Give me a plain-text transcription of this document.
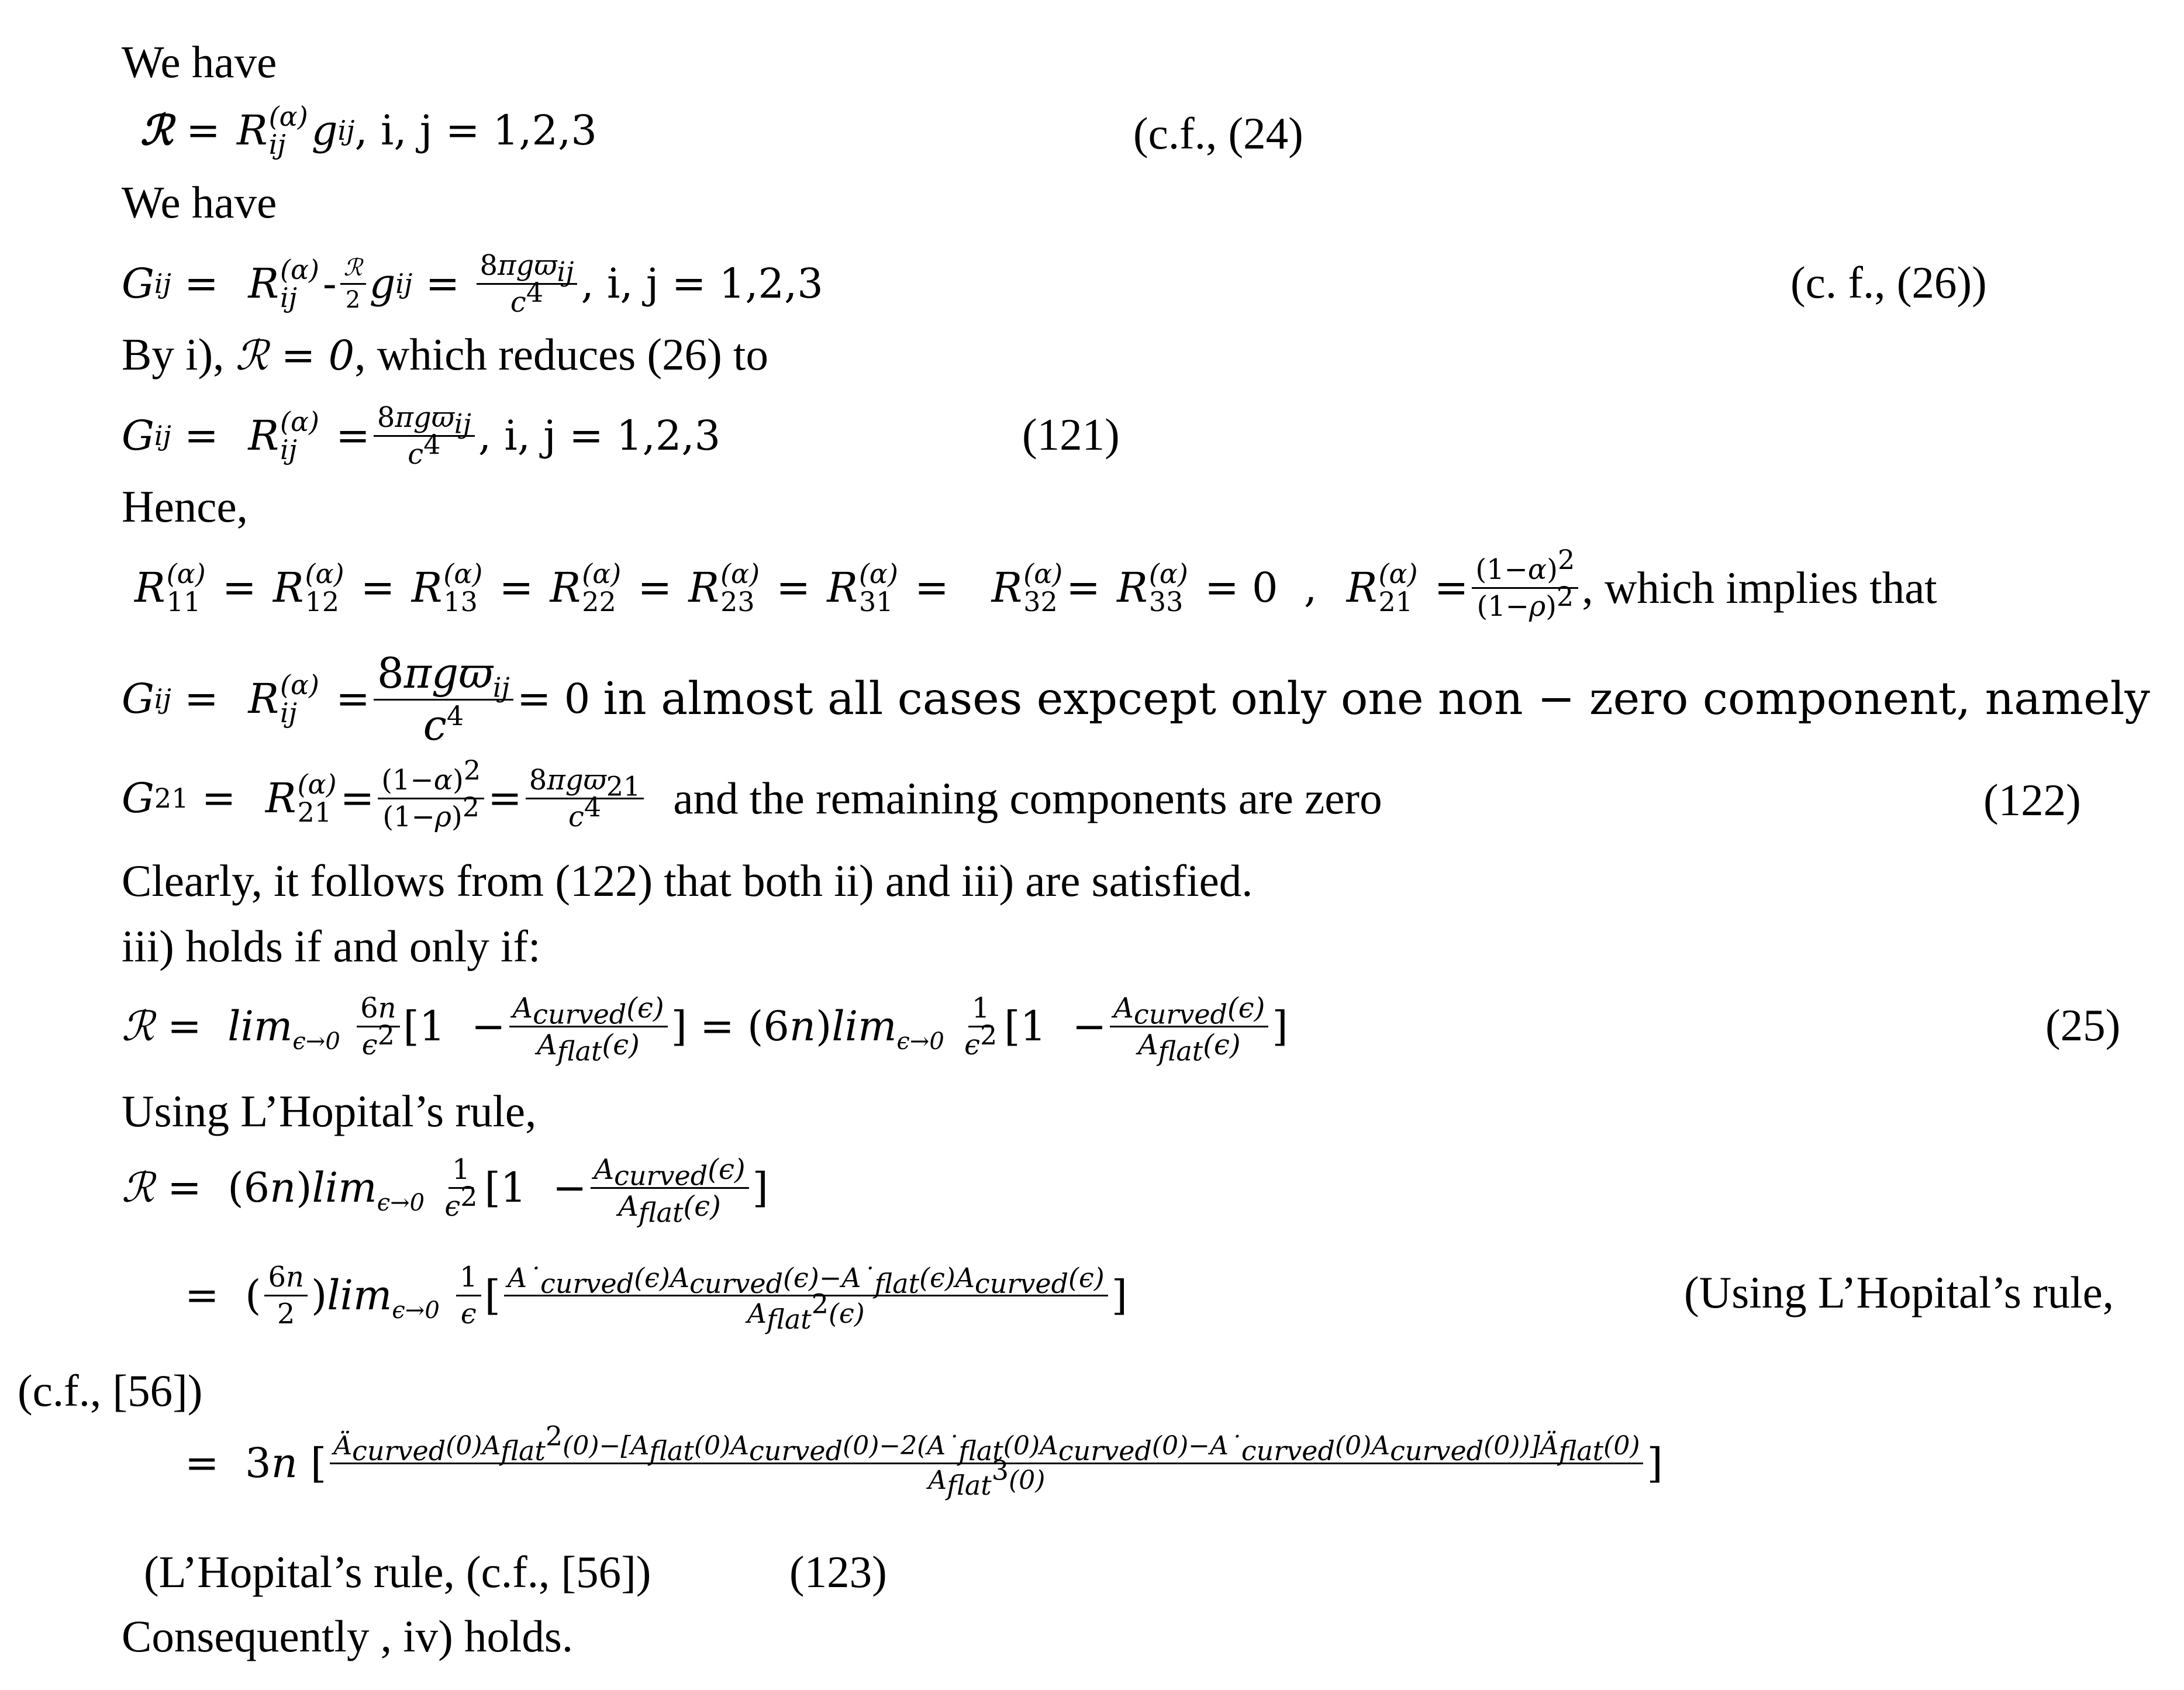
We have
ℛ = R (α)
ij g ij , i, j = 1,2,3	(c.f., (24)
We have
G ij = R (α)
ij - ℛ
2 g ij = 8πgϖ$_{ij}$
$c^4$ , i, j = 1,2,3	(c. f., (26))
By i), ℛ = 0, which reduces (26) to
G ij = R (α)
ij = 8πgϖ$_{ij}$
$c^4$ , i, j = 1,2,3	(121)
Hence,
R (α)
11 = R (α)
12 = R (α)
13 = R (α)
22 = R (α)
23 = R (α)
31 = R (α)
32 = R (α)
33 = 0  , R (α)
$21 = \frac{(1-\alpha)^2}{(1-\rho)^2}$ , which implies that
G ij = R (α)
ij =
8πgϖ$_{ij}$
$c^4 = 0$ in almost all cases expcept only one non − zero component, namely
G 21 = R (α)
$21 = \frac{(1-\alpha)^2}{(1-\rho)^2} = 8\pi gϖ_{21}$
$c^4$ and the remaining components are zero	(122)
Clearly, it follows from (122) that both ii) and iii) are satisfied.
iii) holds if and only if:
ℛ = $\lim_{\epsilon\to 0}$

6n
$\epsilon^2$ [$1 - A_{curved}(\epsilon)$
$A_{flat}(\epsilon)$ ] = (6n) $\lim_{\epsilon\to 0}$

1
$\epsilon^2$ [$1 - A_{curved}(\epsilon)$
$A_{flat}(\epsilon)$ ]	(25)
Using L’Hopital’s rule,
ℛ =  (6n) $\lim_{\epsilon\to 0}$

1
$\epsilon^2$ [$1 - A_{curved}(\epsilon)$
$A_{flat}(\epsilon)$ ]
=  ( 6n
2 ) $\lim_{\epsilon\to 0}$

1
ϵ [ $A˙_{curved}(\epsilon)A_{curved}(\epsilon)-A˙_{flat}(\epsilon)A_{curved}(\epsilon)$
$A_{flat}^2(\epsilon)$	]	(Using L’Hopital’s rule,
(c.f., [56])
=  3n [ $Ä_{curved}(0)A_{flat}^2(0)-[A_{flat}(0)A_{curved}(0)-2(A˙_{flat}(0)A_{curved}(0)-A˙_{curved}(0)A_{curved}(0))]Ä_{flat}(0)$
$A_{flat}^3(0)$	]
(L’Hopital’s rule, (c.f., [56])	(123)
Consequently , iv) holds.
